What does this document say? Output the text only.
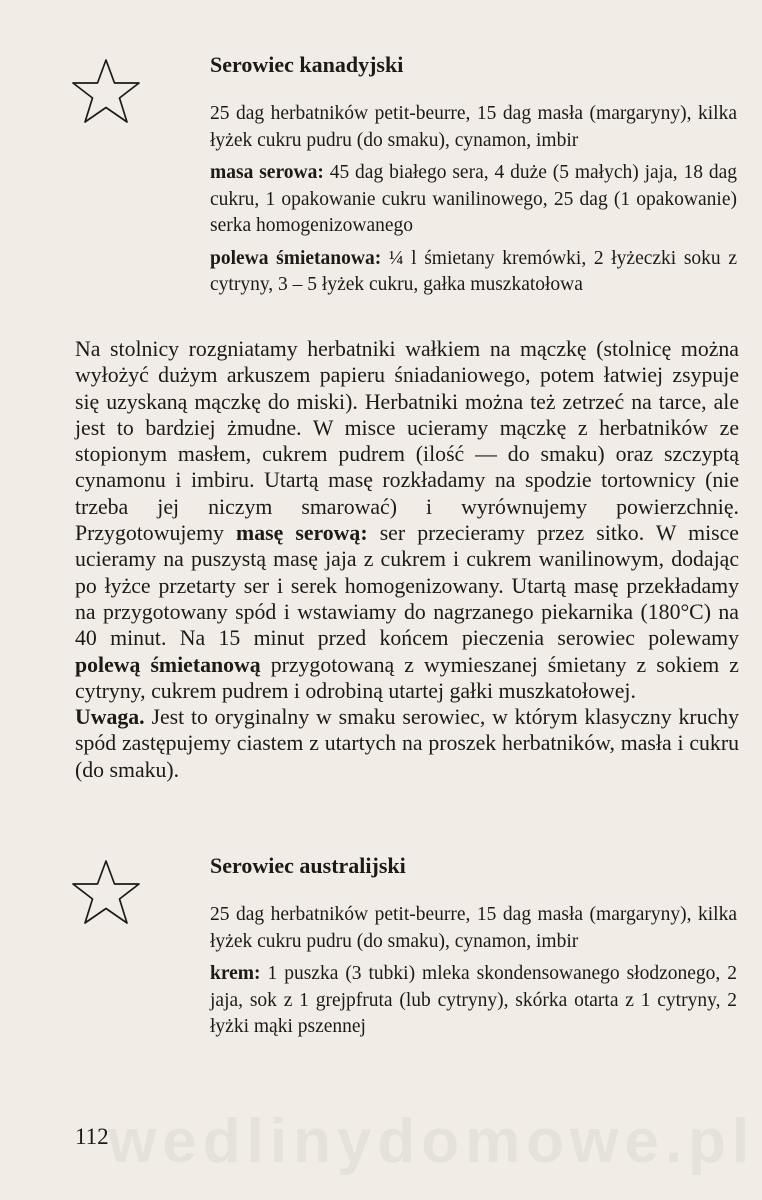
Serowiec kanadyjski

25 dag herbatników petit-beurre, 15 dag masła (margaryny), kilka łyżek cukru pudru (do smaku), cynamon, imbir

masa serowa: 45 dag białego sera, 4 duże (5 małych) jaja, 18 dag cukru, 1 opakowanie cukru wanilinowego, 25 dag (1 opakowanie) serka homogenizowanego

polewa śmietanowa: ¼ l śmietany kremówki, 2 łyżeczki soku z cytryny, 3 – 5 łyżek cukru, gałka muszkatołowa

Na stolnicy rozgniatamy herbatniki wałkiem na mączkę (stolnicę można wyłożyć dużym arkuszem papieru śniadaniowego, potem łatwiej zsypuje się uzyskaną mączkę do miski). Herbatniki można też zetrzeć na tarce, ale jest to bardziej żmudne. W misce ucieramy mączkę z herbatników ze stopionym masłem, cukrem pudrem (ilość — do smaku) oraz szczyptą cynamonu i imbiru. Utartą masę rozkładamy na spodzie tortownicy (nie trzeba jej niczym smarować) i wyrównujemy powierzchnię. Przygotowujemy masę serową: ser przecieramy przez sitko. W misce ucieramy na puszystą masę jaja z cukrem i cukrem wanilinowym, dodając po łyżce przetarty ser i serek homogenizowany. Utartą masę przekładamy na przygotowany spód i wstawiamy do nagrzanego piekarnika (180°C) na 40 minut. Na 15 minut przed końcem pieczenia serowiec polewamy polewą śmietanową przygotowaną z wymieszanej śmietany z sokiem z cytryny, cukrem pudrem i odrobiną utartej gałki muszkatołowej.

Uwaga. Jest to oryginalny w smaku serowiec, w którym klasyczny kruchy spód zastępujemy ciastem z utartych na proszek herbatników, masła i cukru (do smaku).

Serowiec australijski

25 dag herbatników petit-beurre, 15 dag masła (margaryny), kilka łyżek cukru pudru (do smaku), cynamon, imbir

krem: 1 puszka (3 tubki) mleka skondensowanego słodzonego, 2 jaja, sok z 1 grejpfruta (lub cytryny), skórka otarta z 1 cytryny, 2 łyżki mąki pszennej

wedlinydomowe.pl
112
